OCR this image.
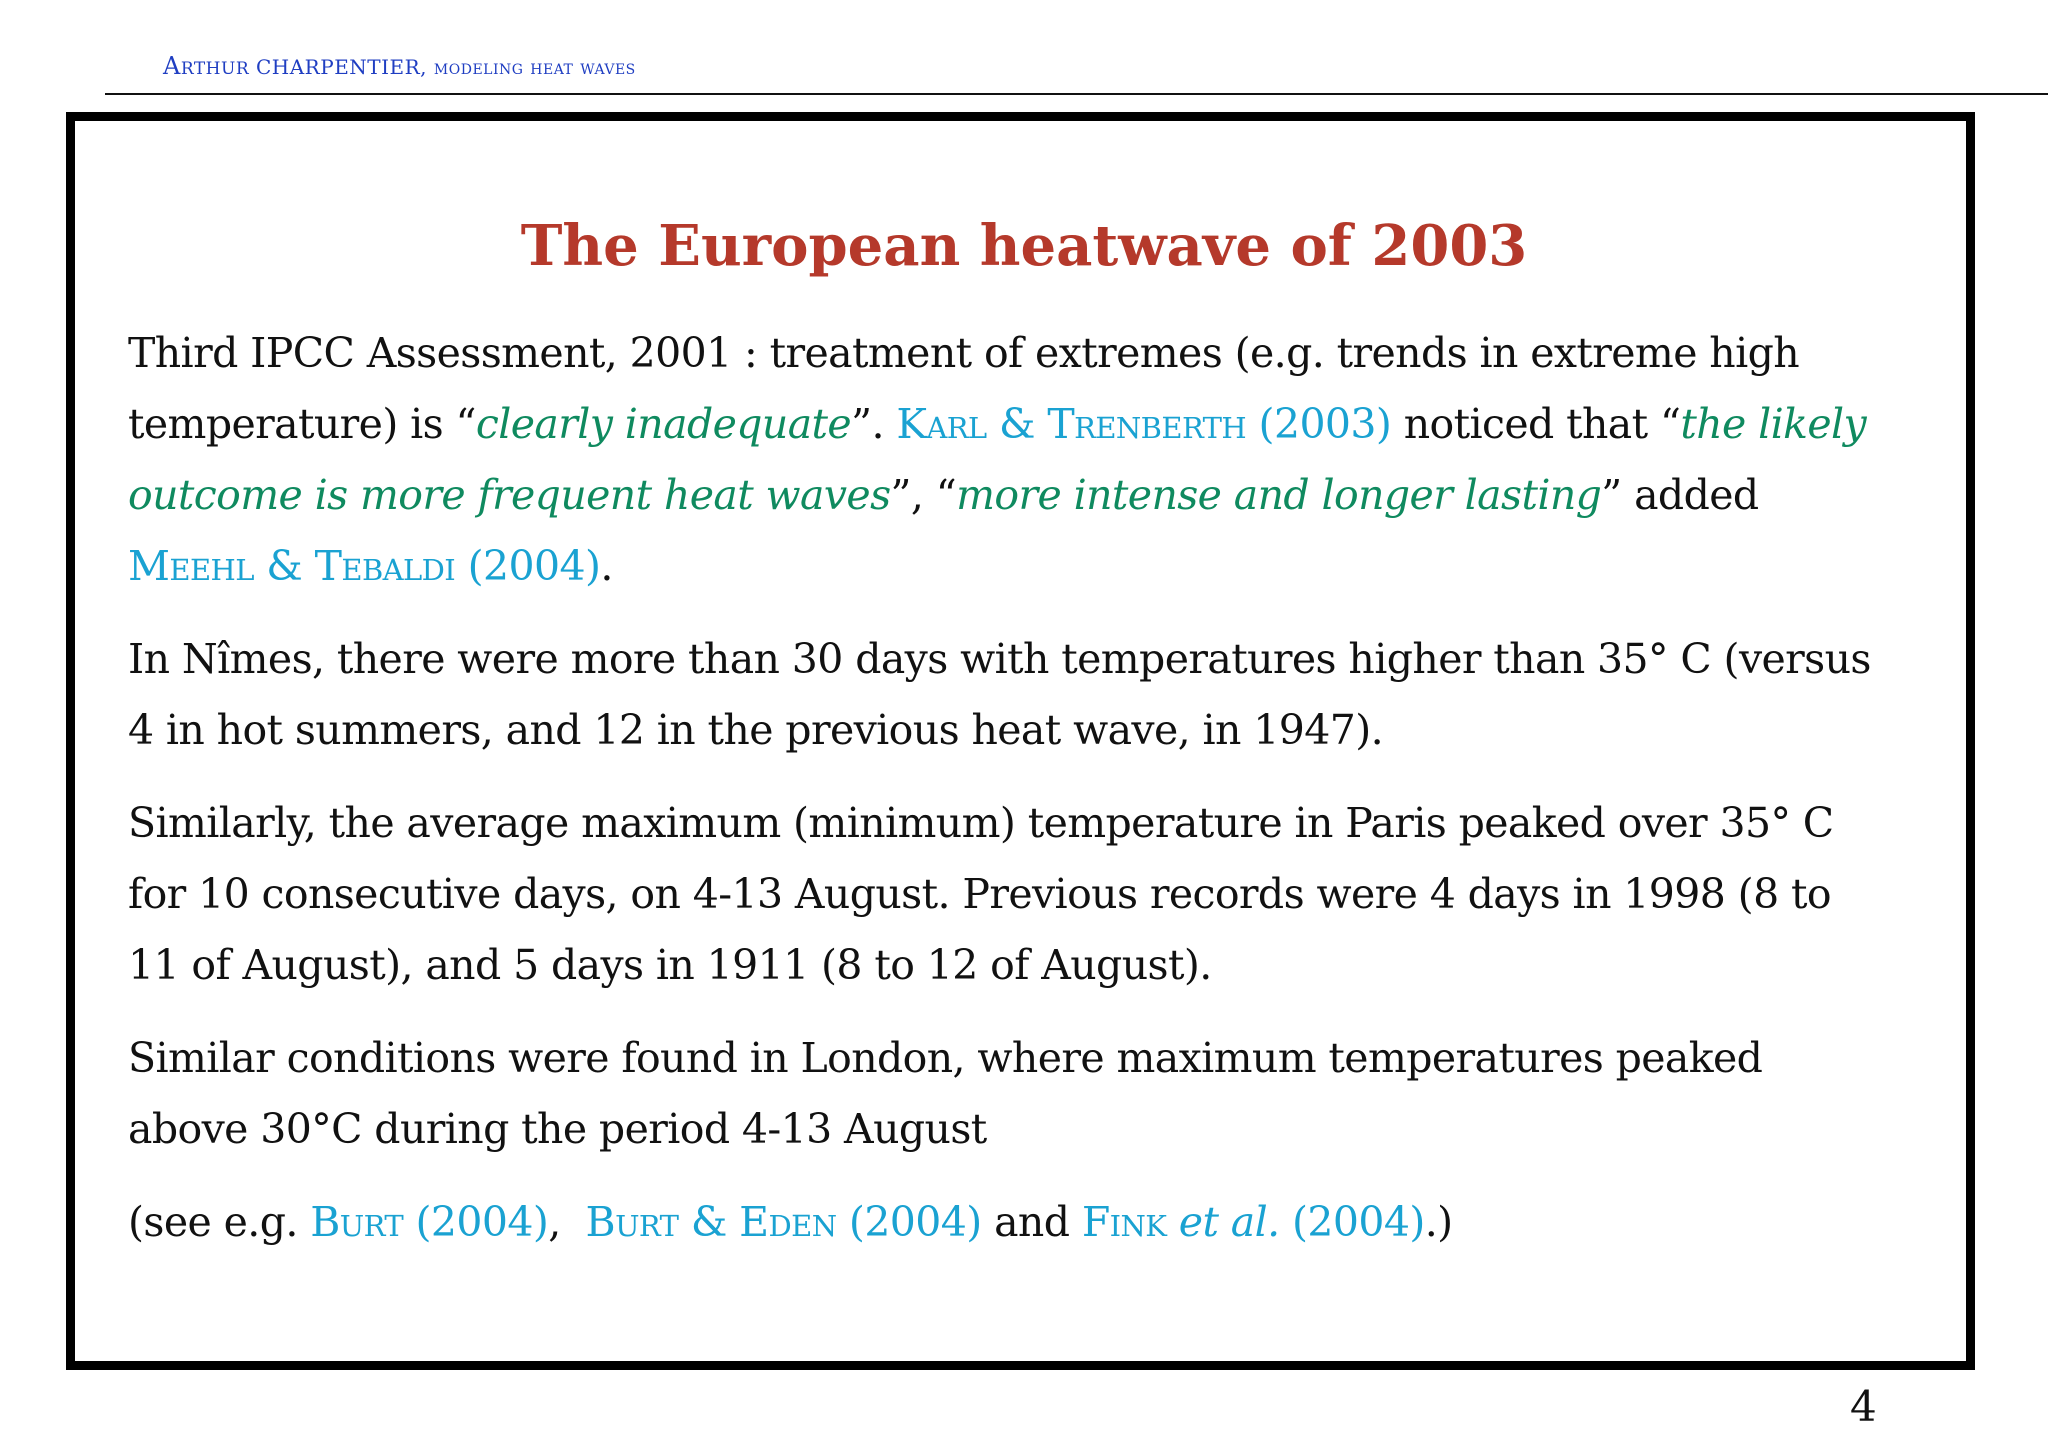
Arthur CHARPENTIER, modeling heat waves
The European heatwave of 2003

Third IPCC Assessment, 2001 : treatment of extremes (e.g. trends in extreme high temperature) is “clearly inadequate”. Karl & Trenberth (2003) noticed that “the likely outcome is more frequent heat waves”, “more intense and longer lasting” added Meehl & Tebaldi (2004).

In Nîmes, there were more than 30 days with temperatures higher than 35° C (versus 4 in hot summers, and 12 in the previous heat wave, in 1947).

Similarly, the average maximum (minimum) temperature in Paris peaked over 35° C for 10 consecutive days, on 4-13 August. Previous records were 4 days in 1998 (8 to 11 of August), and 5 days in 1911 (8 to 12 of August).

Similar conditions were found in London, where maximum temperatures peaked above 30°C during the period 4-13 August

(see e.g. Burt (2004),  Burt & Eden (2004) and Fink et al. (2004).)

4
